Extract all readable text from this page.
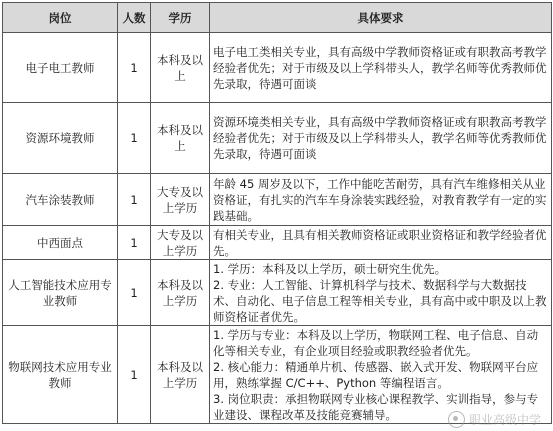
岗位	人数	学历	具体要求
电子电工教师	1	本科及以上	电子电工类相关专业，具有高级中学教师资格证或有职教高考教学经验者优先；对于市级及以上学科带头人，教学名师等优秀教师优先录取，待遇可面谈

资源环境教师	1	本科及以上	资源环境类相关专业，具有高级中学教师资格证或有职教高考教学经验者优先；对于市级及以上学科带头人，教学名师等优秀教师优先录取，待遇可面谈

汽车涂装教师	1	大专及以上学历	年龄 45 周岁及以下，工作中能吃苦耐劳，具有汽车维修相关从业资格证，有扎实的汽车车身涂装实践经验，对教育教学有一定的实践基础。

中西面点	1	大专及以上学历	有相关专业，且具有相关教师资格证或职业资格证和教学经验者优先。

人工智能技术应用专业教师	1	本科及以上学历	1. 学历：本科及以上学历，硕士研究生优先。
2. 专业：人工智能、计算机科学与技术、数据科学与大数据技术、自动化、电子信息工程等相关专业，具有高中或中职及以上教师资格证者优先。

物联网技术应用专业教师	1	本科及以上学历	1. 学历与专业：本科及以上学历，物联网工程、电子信息、自动化等相关专业，有企业项目经验或职教经验者优先。
2. 核心能力：精通单片机、传感器、嵌入式开发、物联网平台应用，熟练掌握 C/C++、Python 等编程语言。
3. 岗位职责：承担物联网专业核心课程教学、实训指导，参与专业建设、课程改革及技能竞赛辅导。	职业高级中学
